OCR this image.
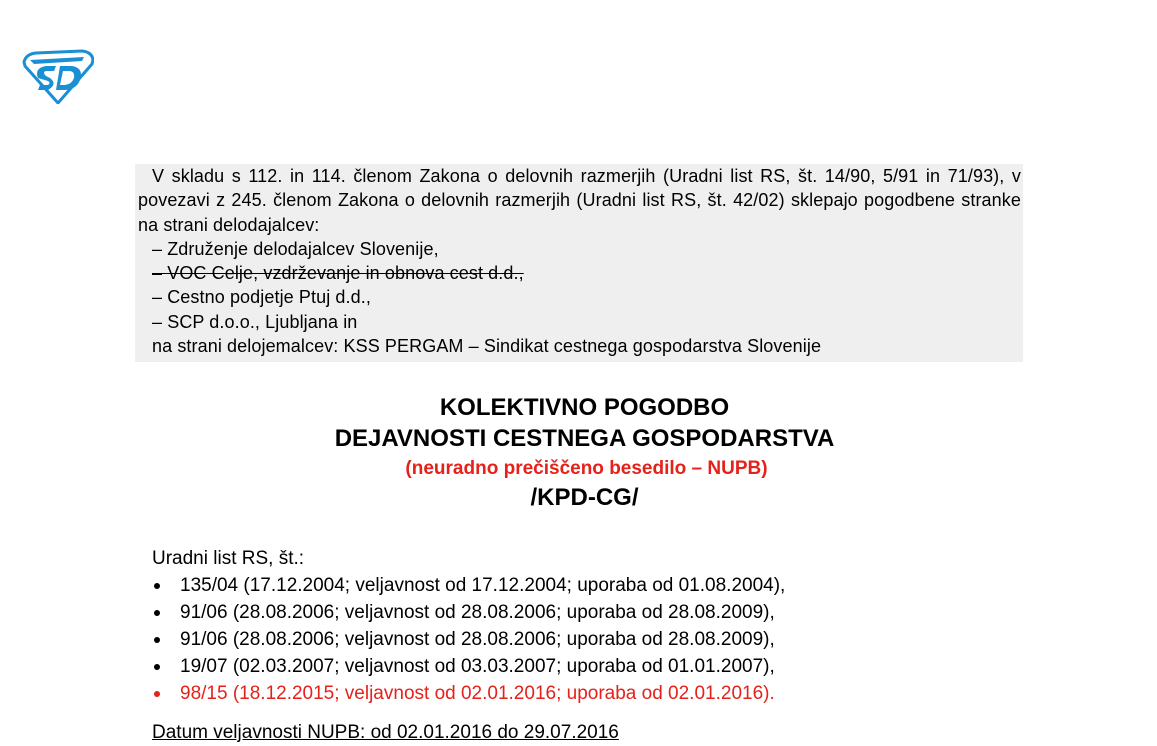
V skladu s 112. in 114. členom Zakona o delovnih razmerjih (Uradni list RS, št. 14/90, 5/91 in 71/93), v povezavi z 245. členom Zakona o delovnih razmerjih (Uradni list RS, št. 42/02) sklepajo pogodbene stranke na strani delodajalcev:

– Združenje delodajalcev Slovenije,
– VOC Celje, vzdrževanje in obnova cest d.d.,
– Cestno podjetje Ptuj d.d.,
– SCP d.o.o., Ljubljana in
na strani delojemalcev: KSS PERGAM – Sindikat cestnega gospodarstva Slovenije
KOLEKTIVNO POGODBO
DEJAVNOSTI CESTNEGA GOSPODARSTVA
(neuradno prečiščeno besedilo – NUPB)
/KPD-CG/
Uradni list RS, št.:
135/04 (17.12.2004; veljavnost od 17.12.2004; uporaba od 01.08.2004),
91/06 (28.08.2006; veljavnost od 28.08.2006; uporaba od 28.08.2009),
91/06 (28.08.2006; veljavnost od 28.08.2006; uporaba od 28.08.2009),
19/07 (02.03.2007; veljavnost od 03.03.2007; uporaba od 01.01.2007),
98/15 (18.12.2015; veljavnost od 02.01.2016; uporaba od 02.01.2016).
Datum veljavnosti NUPB: od 02.01.2016 do 29.07.2016
